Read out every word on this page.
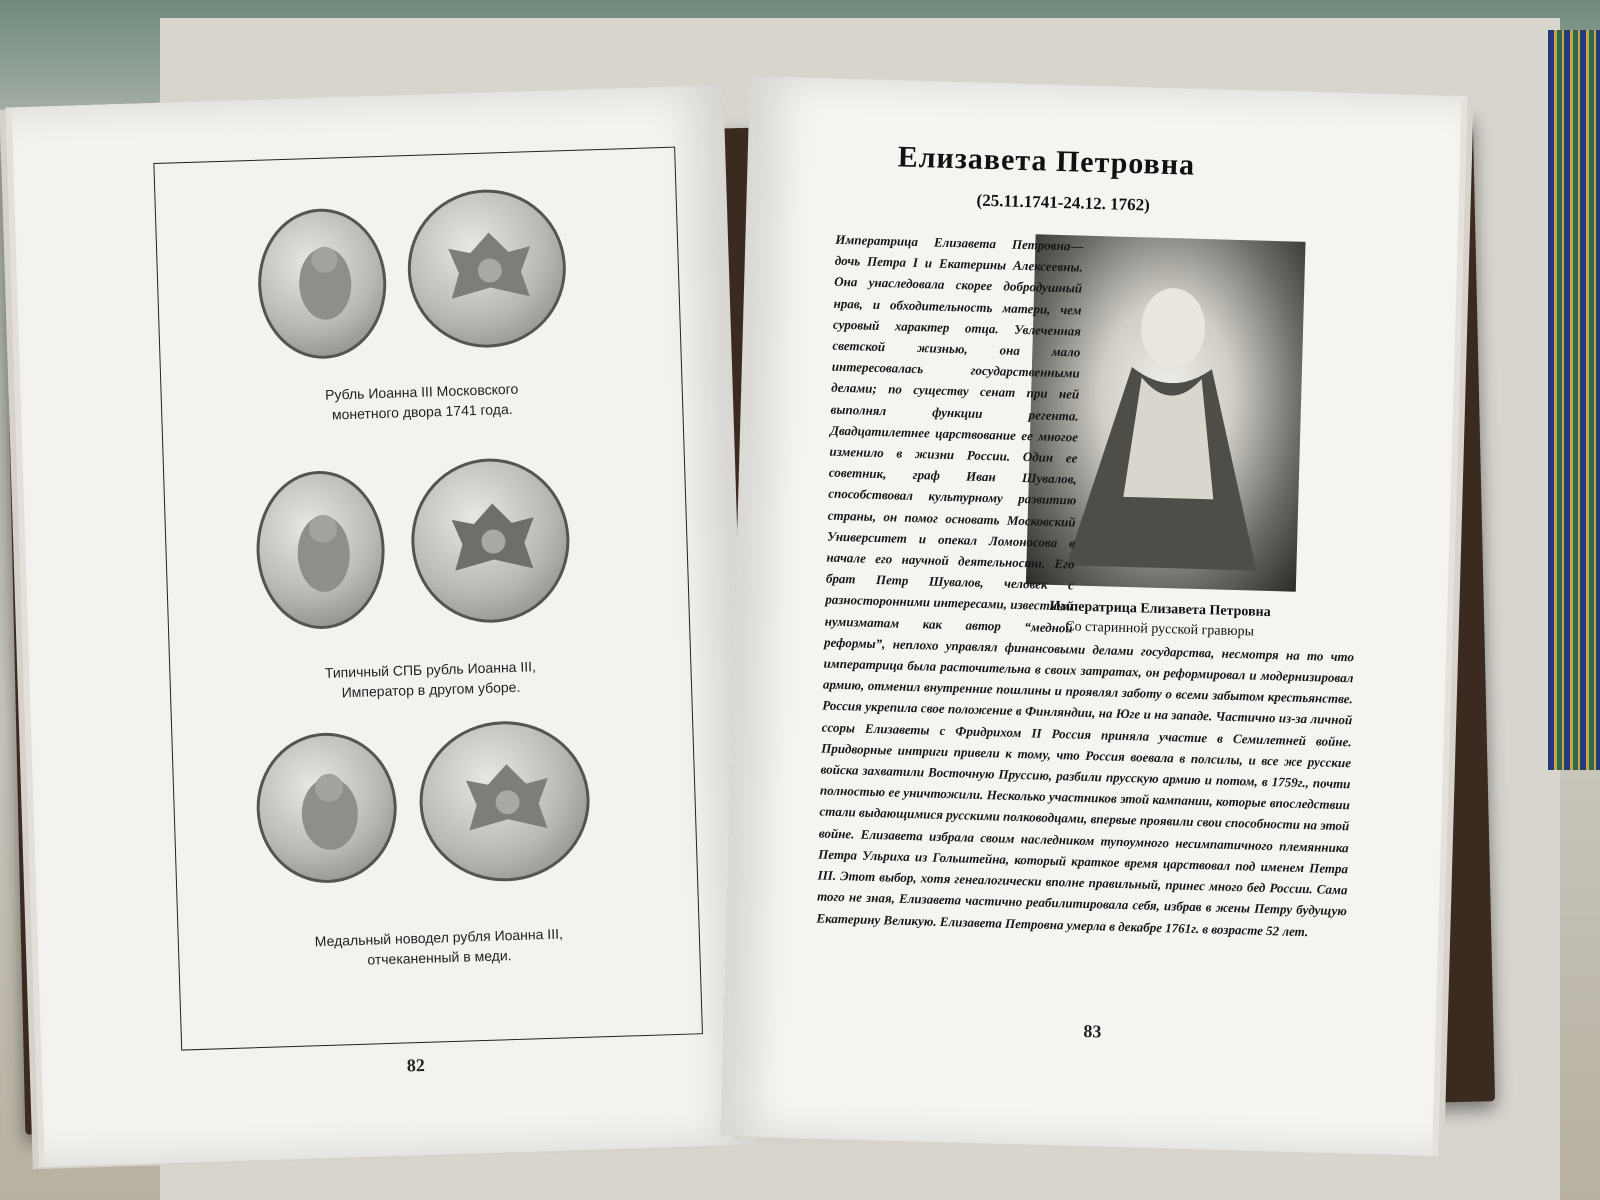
Рубль Иоанна III Московского
монетного двора 1741 года.
Типичный СПБ рубль Иоанна III,
Император в другом уборе.
Медальный новодел рубля Иоанна III,
отчеканенный в меди.
82
Елизавета Петровна
(25.11.1741-24.12. 1762)
Императрица Елизавета Петровна
Со старинной русской гравюры
Императрица Елизавета Петровна— дочь Петра I и Екатерины Алексеевны. Она унаследовала скорее добродушный нрав, и обходительность матери, чем суровый характер отца. Увлеченная светской жизнью, она мало интересовалась государственными делами; по существу сенат при ней выполнял функции регента. Двадцатилетнее царствование ее многое изменило в жизни России. Один ее советник, граф Иван Шувалов, способствовал культурному развитию страны, он помог основать Московский Университет и опекал Ломоносова в начале его научной деятельности. Его брат Петр Шувалов, человек с разносторонними интересами, известный нумизматам как автор “медной реформы”, неплохо управлял финансовыми делами государства, несмотря на то что императрица была расточительна в своих затратах, он реформировал и модернизировал армию, отменил внутренние пошлины и проявлял заботу о всеми забытом крестьянстве. Россия укрепила свое положение в Финляндии, на Юге и на западе. Частично из-за личной ссоры Елизаветы с Фридрихом II Россия приняла участие в Семилетней войне. Придворные интриги привели к тому, что Россия воевала в полсилы, и все же русские войска захватили Восточную Пруссию, разбили прусскую армию и потом, в 1759г., почти полностью ее уничтожили. Несколько участников этой кампании, которые впоследствии стали выдающимися русскими полководцами, впервые проявили свои способности на этой войне. Елизавета избрала своим наследником тупоумного несимпатичного племянника Петра Ульриха из Гольштейна, который краткое время царствовал под именем Петра III. Этот выбор, хотя генеалогически вполне правильный, принес много бед России. Сама того не зная, Елизавета частично реабилитировала себя, избрав в жены Петру будущую Екатерину Великую. Елизавета Петровна умерла в декабре 1761г. в возрасте 52 лет.
83
